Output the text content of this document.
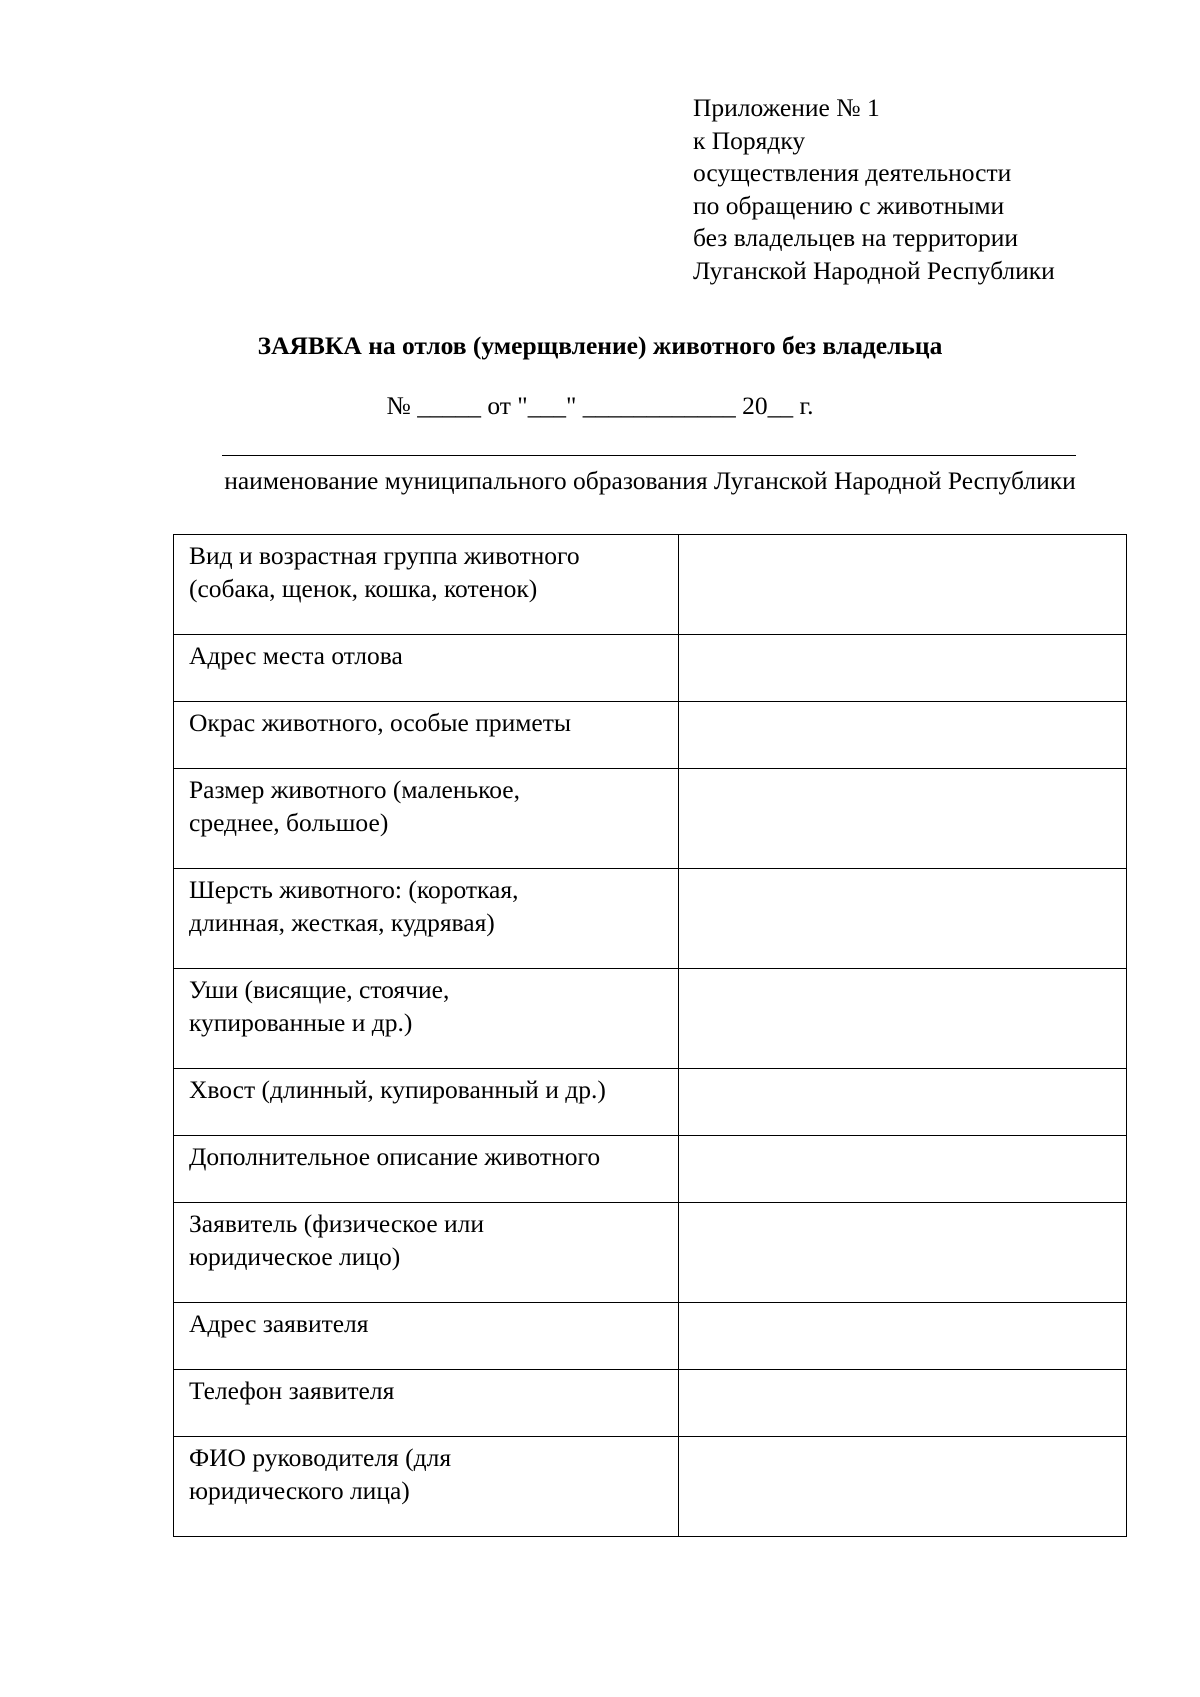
Приложение № 1
к Порядку
осуществления деятельности
по обращению с животными
без владельцев на территории
Луганской Народной Республики
ЗАЯВКА на отлов (умерщвление) животного без владельца
№ _____ от "___" ____________ 20__ г.
наименование муниципального образования Луганской Народной Республики
Вид и возрастная группа животного
(собака, щенок, кошка, котенок)	
Адрес места отлова	
Окрас животного, особые приметы	
Размер животного (маленькое,
среднее, большое)	
Шерсть животного: (короткая,
длинная, жесткая, кудрявая)	
Уши (висящие, стоячие,
купированные и др.)	
Хвост (длинный, купированный и др.)	
Дополнительное описание животного	
Заявитель (физическое или
юридическое лицо)	
Адрес заявителя	
Телефон заявителя	
ФИО руководителя (для
юридического лица)	
